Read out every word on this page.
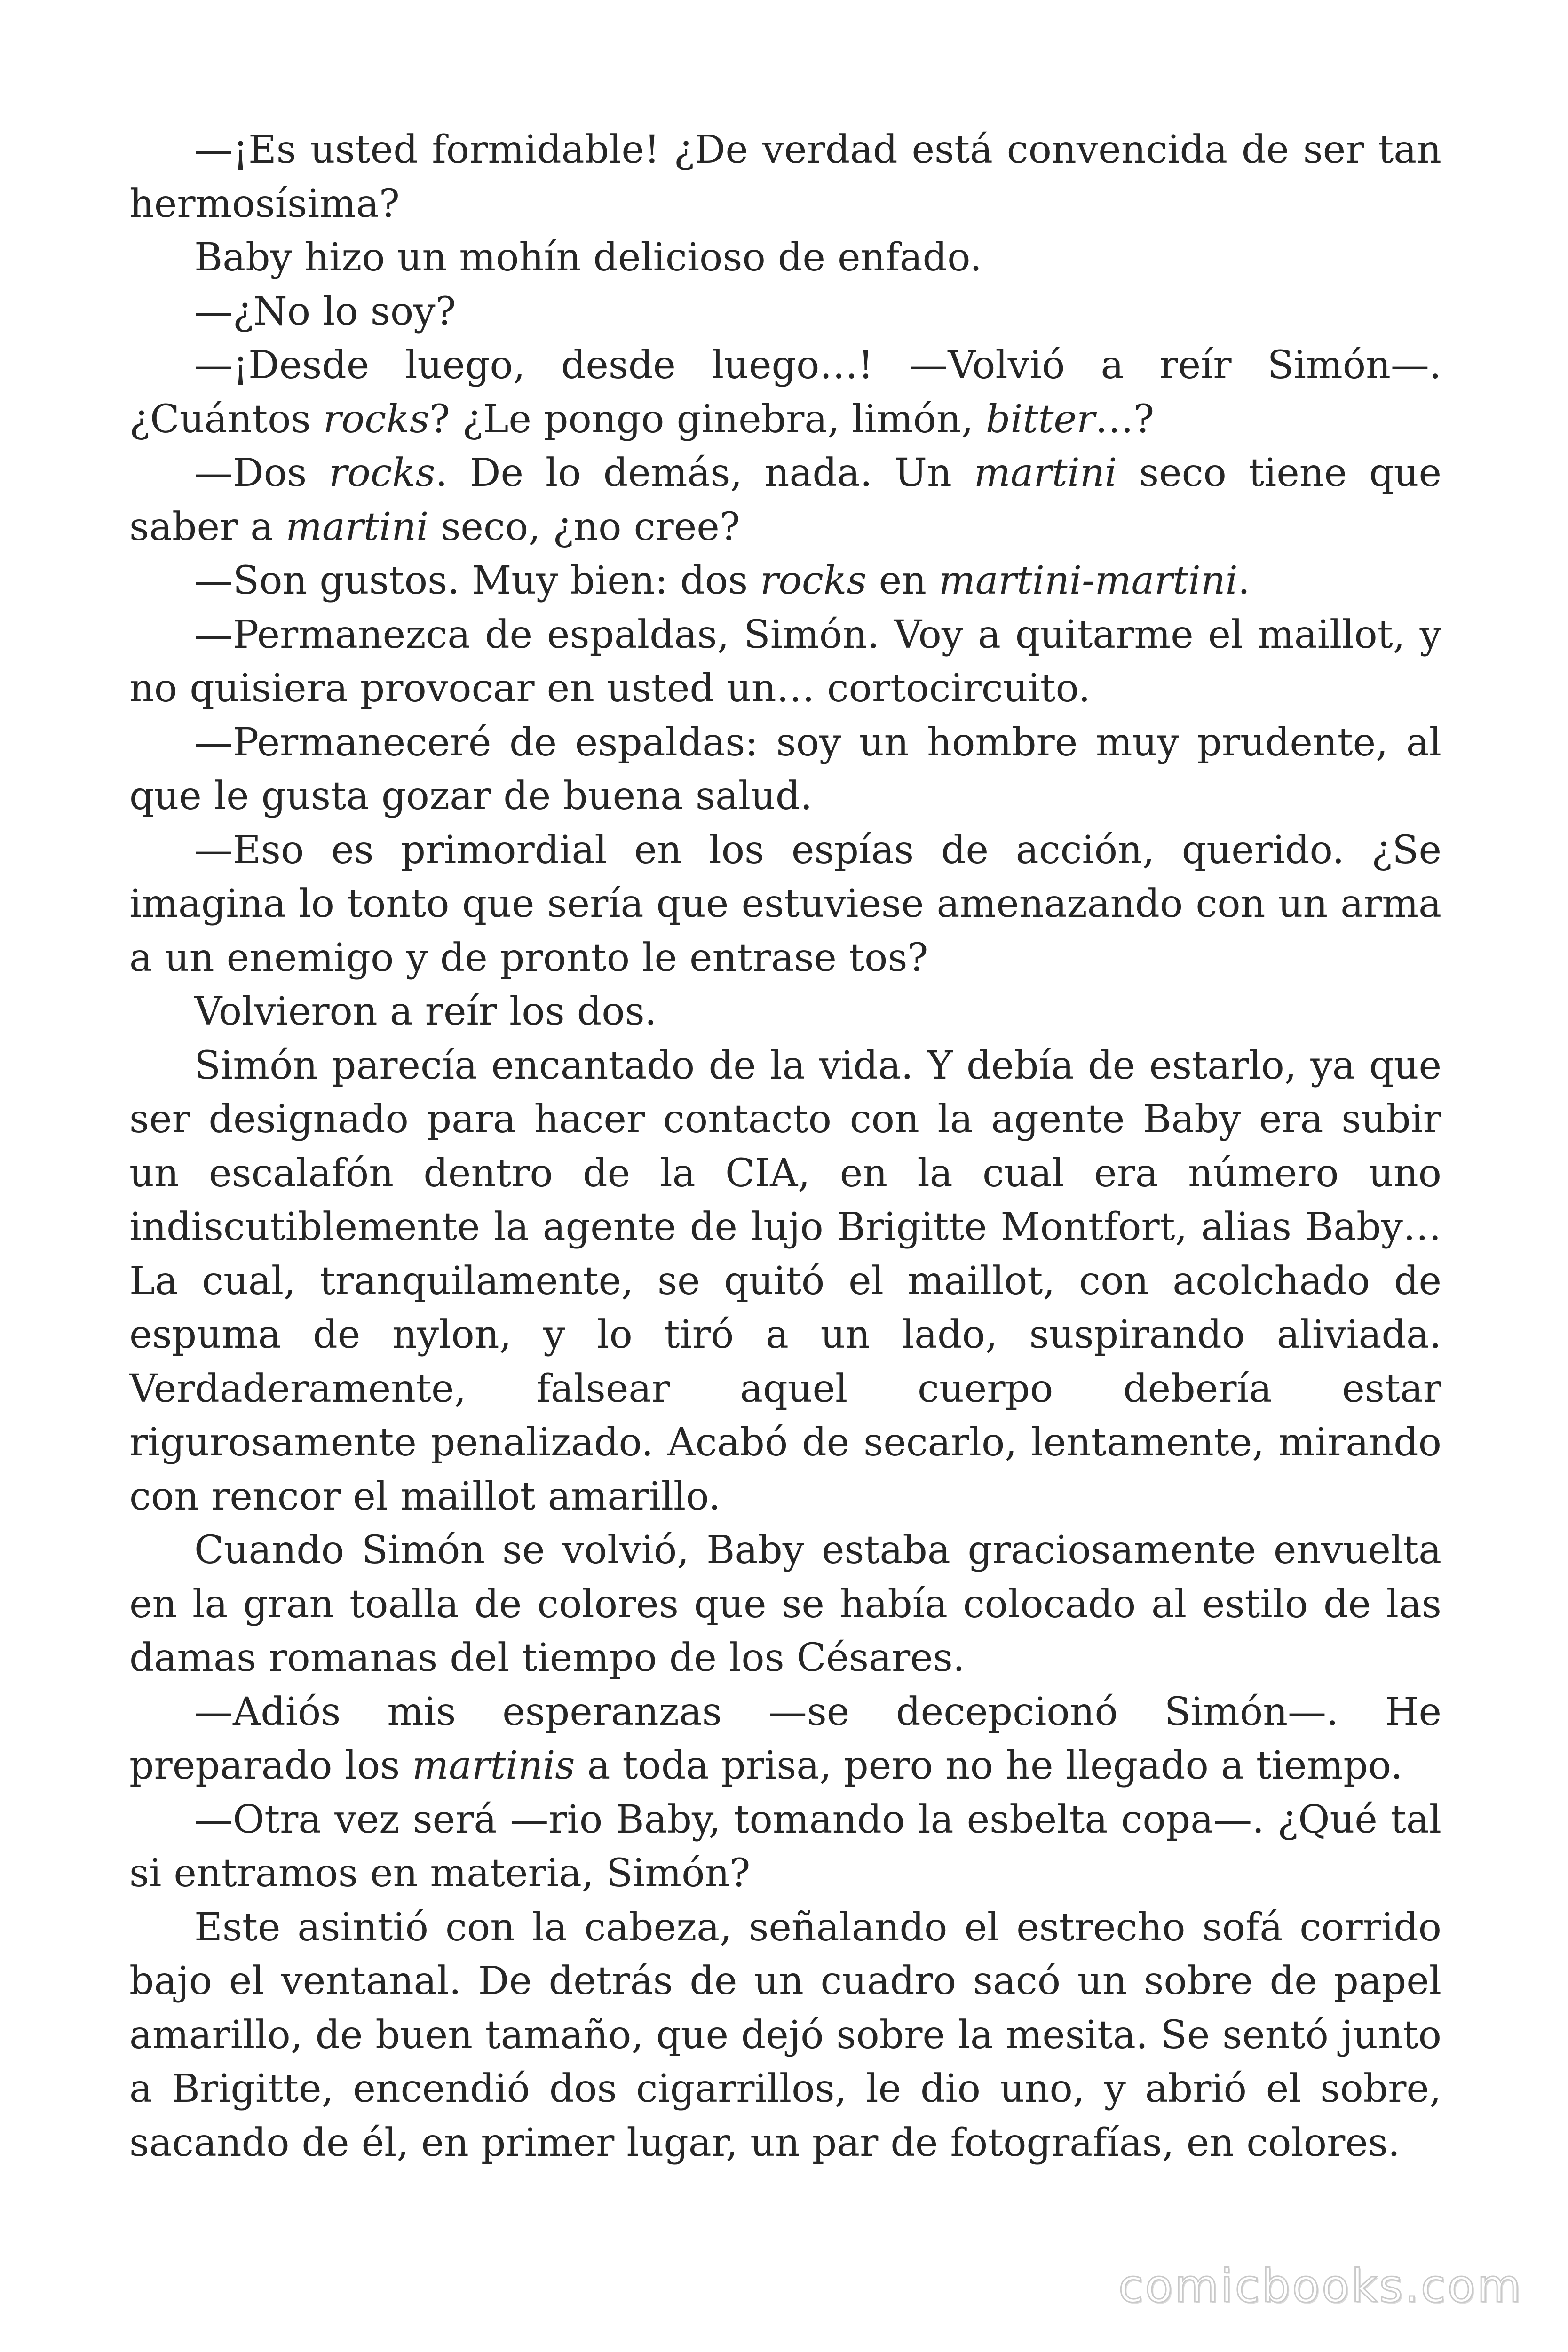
—¡Es usted formidable! ¿De verdad está convencida de ser tan hermosísima?

Baby hizo un mohín delicioso de enfado.

—¿No lo soy?

—¡Desde luego, desde luego…! —Volvió a reír Simón—. ¿Cuántos rocks? ¿Le pongo ginebra, limón, bitter…?

—Dos rocks. De lo demás, nada. Un martini seco tiene que saber a martini seco, ¿no cree?

—Son gustos. Muy bien: dos rocks en martini-martini.

—Permanezca de espaldas, Simón. Voy a quitarme el maillot, y no quisiera provocar en usted un… cortocircuito.

—Permaneceré de espaldas: soy un hombre muy prudente, al que le gusta gozar de buena salud.

—Eso es primordial en los espías de acción, querido. ¿Se imagina lo tonto que sería que estuviese amenazando con un arma a un enemigo y de pronto le entrase tos?

Volvieron a reír los dos.

Simón parecía encantado de la vida. Y debía de estarlo, ya que ser designado para hacer contacto con la agente Baby era subir un escalafón dentro de la CIA, en la cual era número uno indiscutiblemente la agente de lujo Brigitte Montfort, alias Baby… La cual, tranquilamente, se quitó el maillot, con acolchado de espuma de nylon, y lo tiró a un lado, suspirando aliviada. Verdaderamente, falsear aquel cuerpo debería estar rigurosamente penalizado. Acabó de secarlo, lentamente, mirando con rencor el maillot amarillo.

Cuando Simón se volvió, Baby estaba graciosamente envuelta en la gran toalla de colores que se había colocado al estilo de las damas romanas del tiempo de los Césares.

—Adiós mis esperanzas —se decepcionó Simón—. He preparado los martinis a toda prisa, pero no he llegado a tiempo.

—Otra vez será —rio Baby, tomando la esbelta copa—. ¿Qué tal si entramos en materia, Simón?

Este asintió con la cabeza, señalando el estrecho sofá corrido bajo el ventanal. De detrás de un cuadro sacó un sobre de papel amarillo, de buen tamaño, que dejó sobre la mesita. Se sentó junto a Brigitte, encendió dos cigarrillos, le dio uno, y abrió el sobre, sacando de él, en primer lugar, un par de fotografías, en colores.

comicbooks.com
